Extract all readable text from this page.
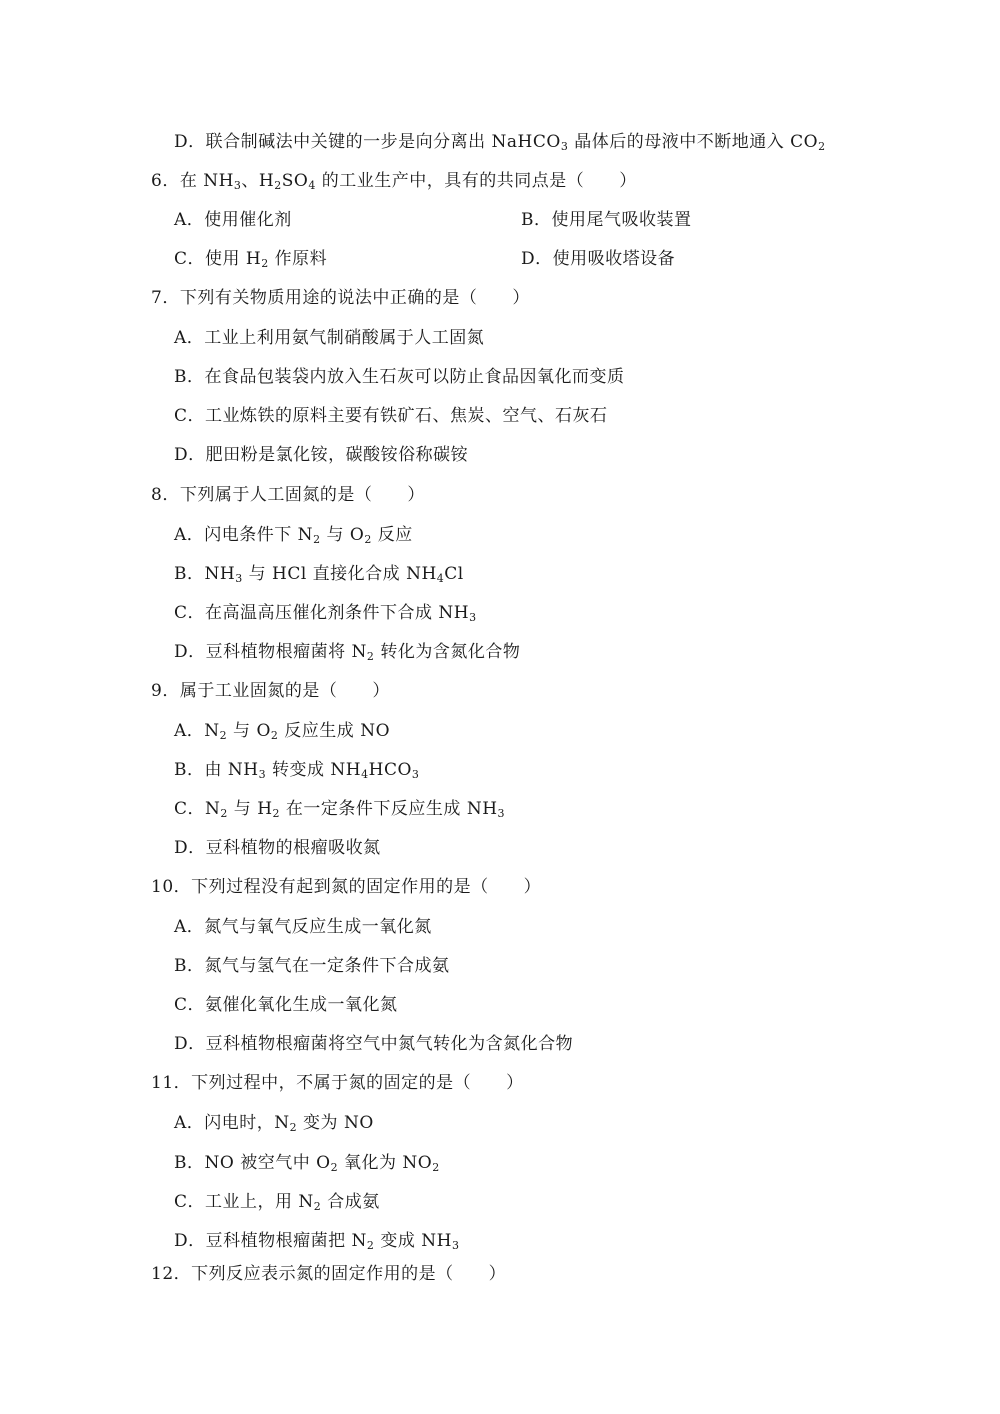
D．联合制碱法中关键的一步是向分离出 NaHCO$_3$ 晶体后的母液中不断地通入 $CO_2$
6．在 $NH_3$、$H_2SO_4$ 的工业生产中，具有的共同点是（　　）
A．使用催化剂	B．使用尾气吸收装置
C．使用 $H_2$ 作原料	D．使用吸收塔设备
7．下列有关物质用途的说法中正确的是（　　）
A．工业上利用氨气制硝酸属于人工固氮
B．在食品包装袋内放入生石灰可以防止食品因氧化而变质
C．工业炼铁的原料主要有铁矿石、焦炭、空气、石灰石
D．肥田粉是氯化铵，碳酸铵俗称碳铵
8．下列属于人工固氮的是（　　）
A．闪电条件下 $N_2$ 与 $O_2$ 反应
B．$NH_3$ 与 HCl 直接化合成 $NH_4Cl$
C．在高温高压催化剂条件下合成 $NH_3$
D．豆科植物根瘤菌将 $N_2$ 转化为含氮化合物
9．属于工业固氮的是（　　）
A．$N_2$ 与 $O_2$ 反应生成 NO
B．由 $NH_3$ 转变成 $NH_4HCO_3$
C．$N_2$ 与 $H_2$ 在一定条件下反应生成 $NH_3$
D．豆科植物的根瘤吸收氮
10．下列过程没有起到氮的固定作用的是（　　）
A．氮气与氧气反应生成一氧化氮
B．氮气与氢气在一定条件下合成氨
C．氨催化氧化生成一氧化氮
D．豆科植物根瘤菌将空气中氮气转化为含氮化合物
11．下列过程中，不属于氮的固定的是（　　）
A．闪电时，$N_2$ 变为 NO
B．NO 被空气中 $O_2$ 氧化为 $NO_2$
C．工业上，用 $N_2$ 合成氨
D．豆科植物根瘤菌把 $N_2$ 变成 $NH_3$
12．下列反应表示氮的固定作用的是（　　）
